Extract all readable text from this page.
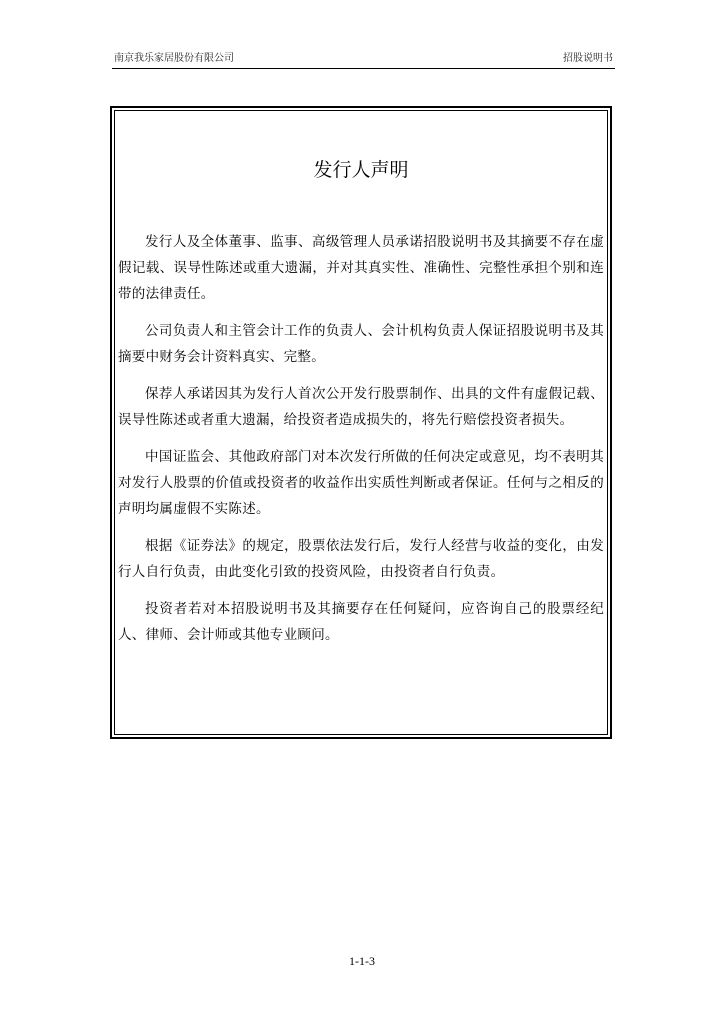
南京我乐家居股份有限公司	招股说明书
发行人声明

发行人及全体董事、监事、高级管理人员承诺招股说明书及其摘要不存在虚假记载、误导性陈述或重大遗漏，并对其真实性、准确性、完整性承担个别和连带的法律责任。

公司负责人和主管会计工作的负责人、会计机构负责人保证招股说明书及其摘要中财务会计资料真实、完整。

保荐人承诺因其为发行人首次公开发行股票制作、出具的文件有虚假记载、误导性陈述或者重大遗漏，给投资者造成损失的，将先行赔偿投资者损失。

中国证监会、其他政府部门对本次发行所做的任何决定或意见，均不表明其对发行人股票的价值或投资者的收益作出实质性判断或者保证。任何与之相反的声明均属虚假不实陈述。

根据《证券法》的规定，股票依法发行后，发行人经营与收益的变化，由发行人自行负责，由此变化引致的投资风险，由投资者自行负责。

投资者若对本招股说明书及其摘要存在任何疑问，应咨询自己的股票经纪人、律师、会计师或其他专业顾问。

1-1-3
